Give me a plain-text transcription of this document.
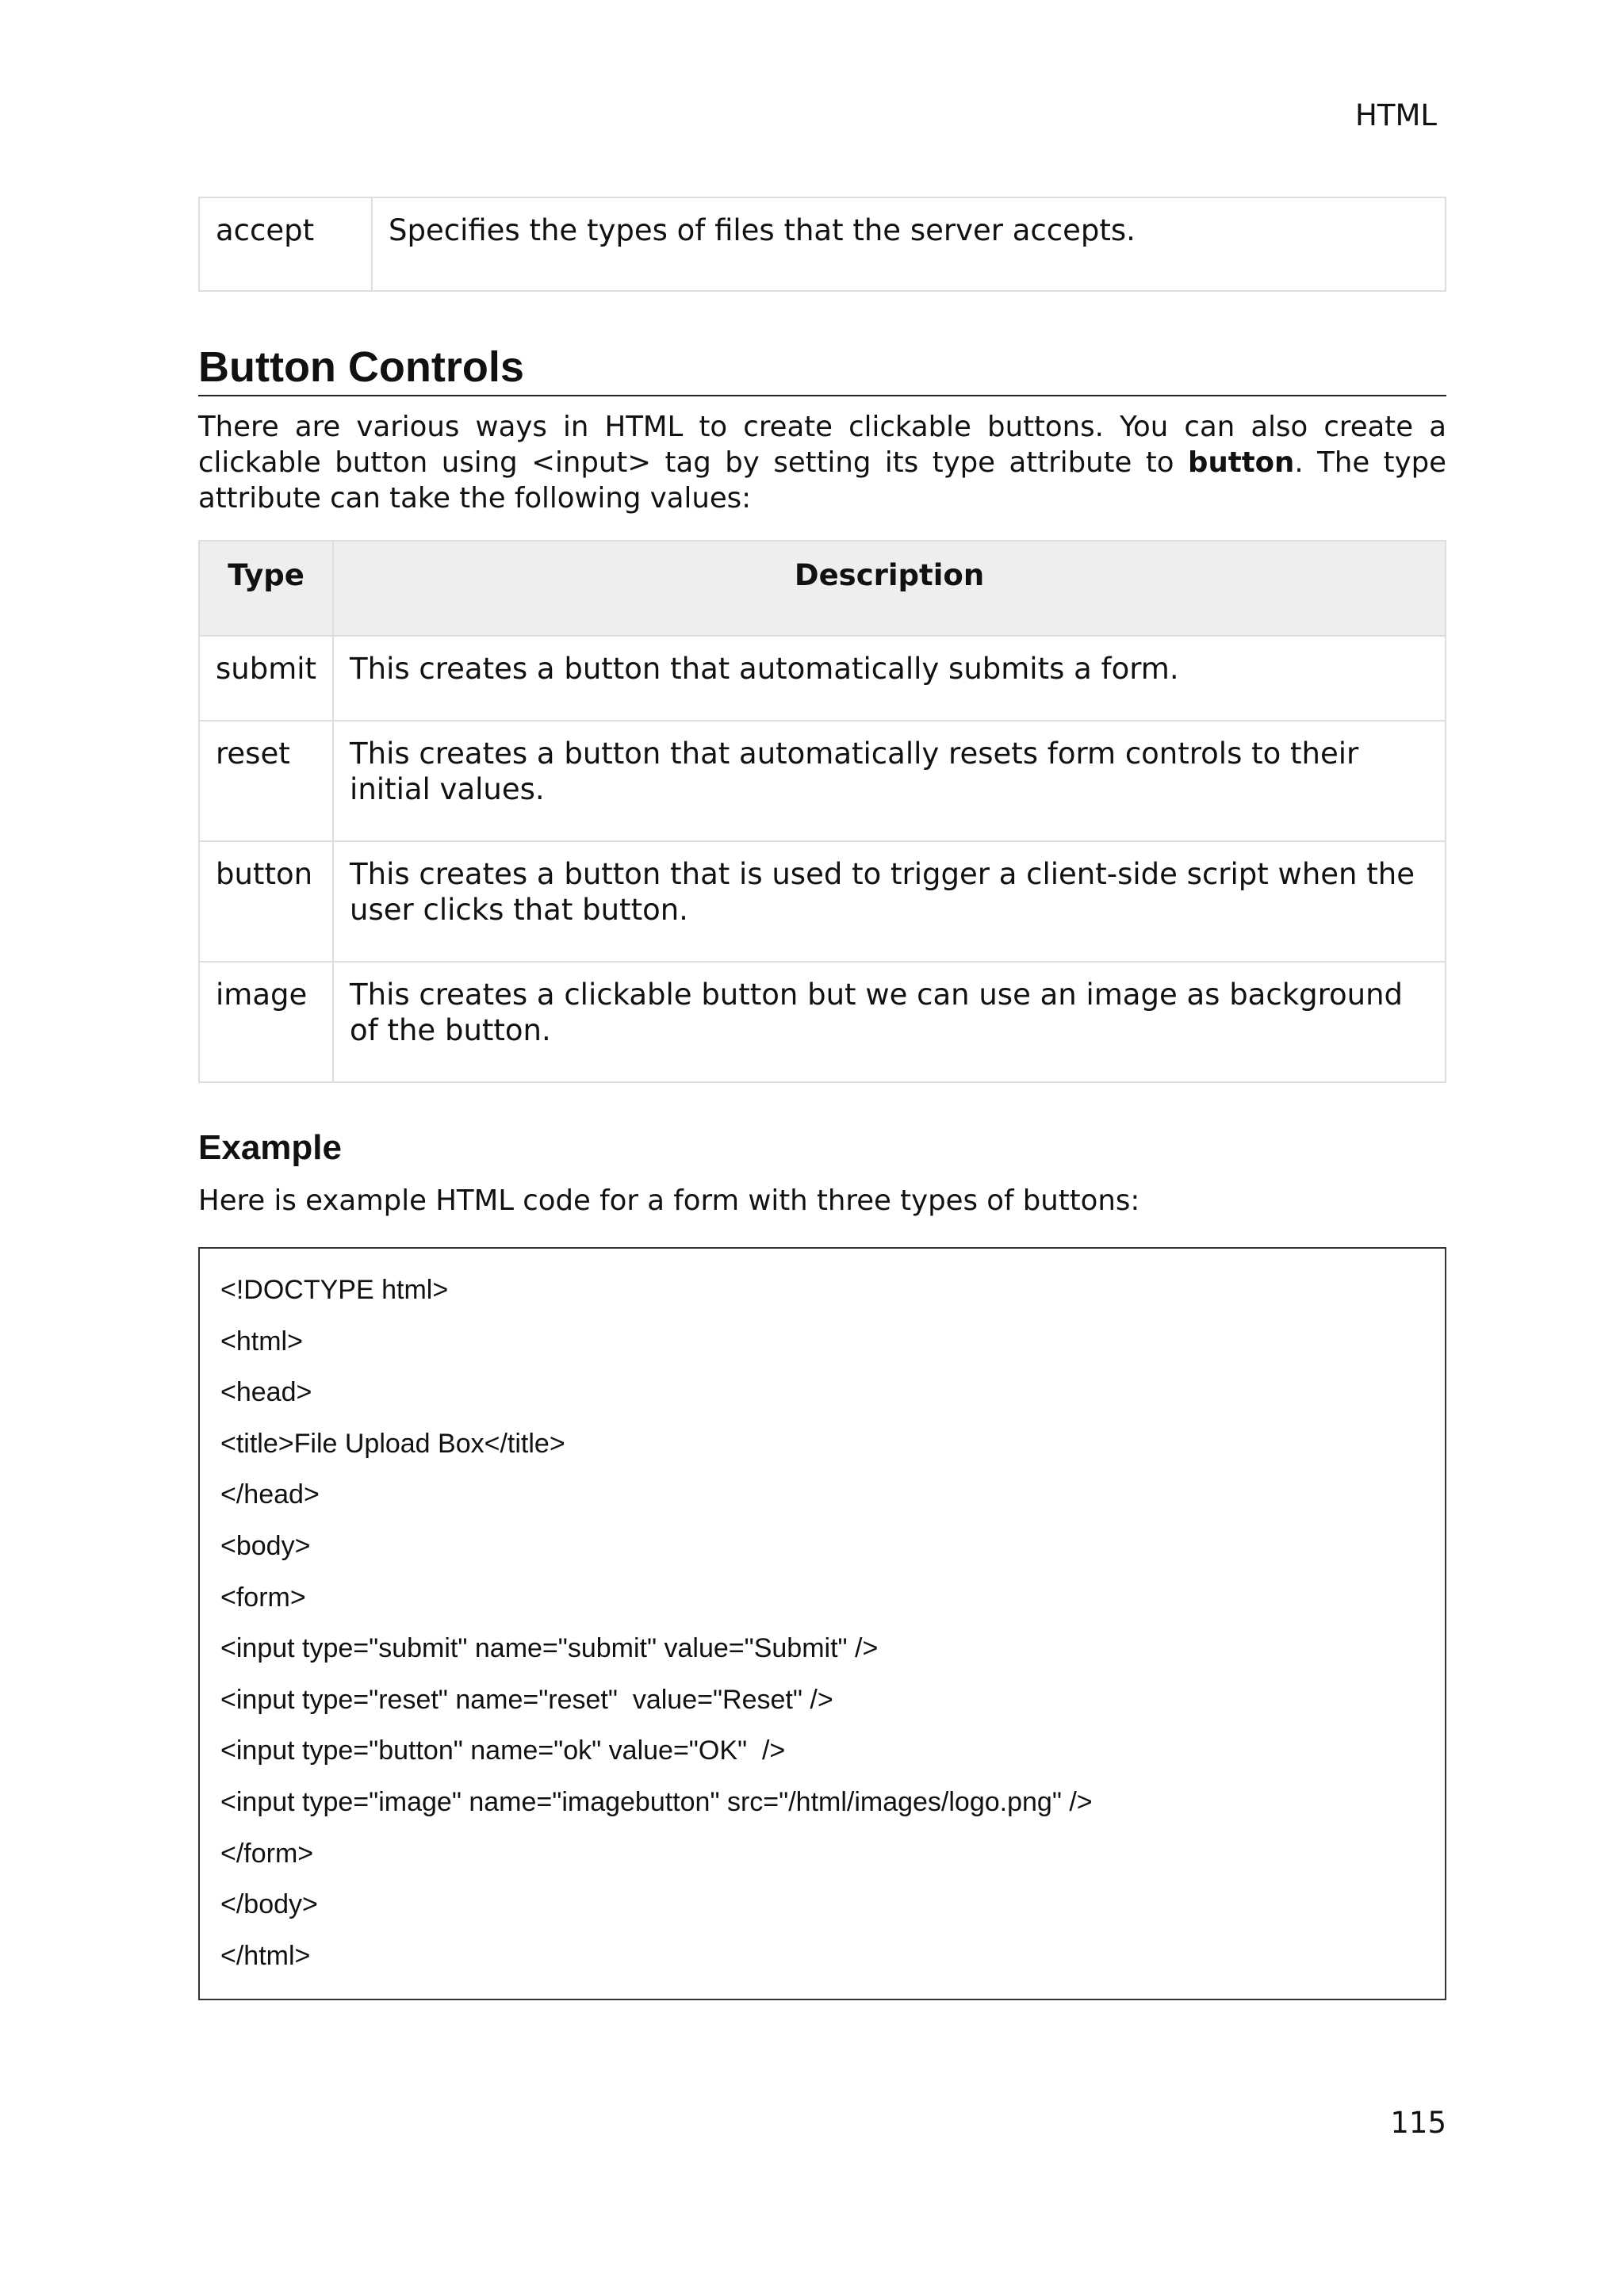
HTML
accept	Specifies the types of files that the server accepts.
Button Controls

There are various ways in HTML to create clickable buttons. You can also create a clickable button using <input> tag by setting its type attribute to button. The type attribute can take the following values:

Type	Description
submit	This creates a button that automatically submits a form.
reset	This creates a button that automatically resets form controls to their initial values.
button	This creates a button that is used to trigger a client-side script when the user clicks that button.
image	This creates a clickable button but we can use an image as background of the button.
Example

Here is example HTML code for a form with three types of buttons:

<!DOCTYPE html>
<html>
<head>
<title>File Upload Box</title>
</head>
<body>
<form>
<input type="submit" name="submit" value="Submit" />
<input type="reset" name="reset"  value="Reset" />
<input type="button" name="ok" value="OK"  />
<input type="image" name="imagebutton" src="/html/images/logo.png" />
</form>
</body>
</html>
115
